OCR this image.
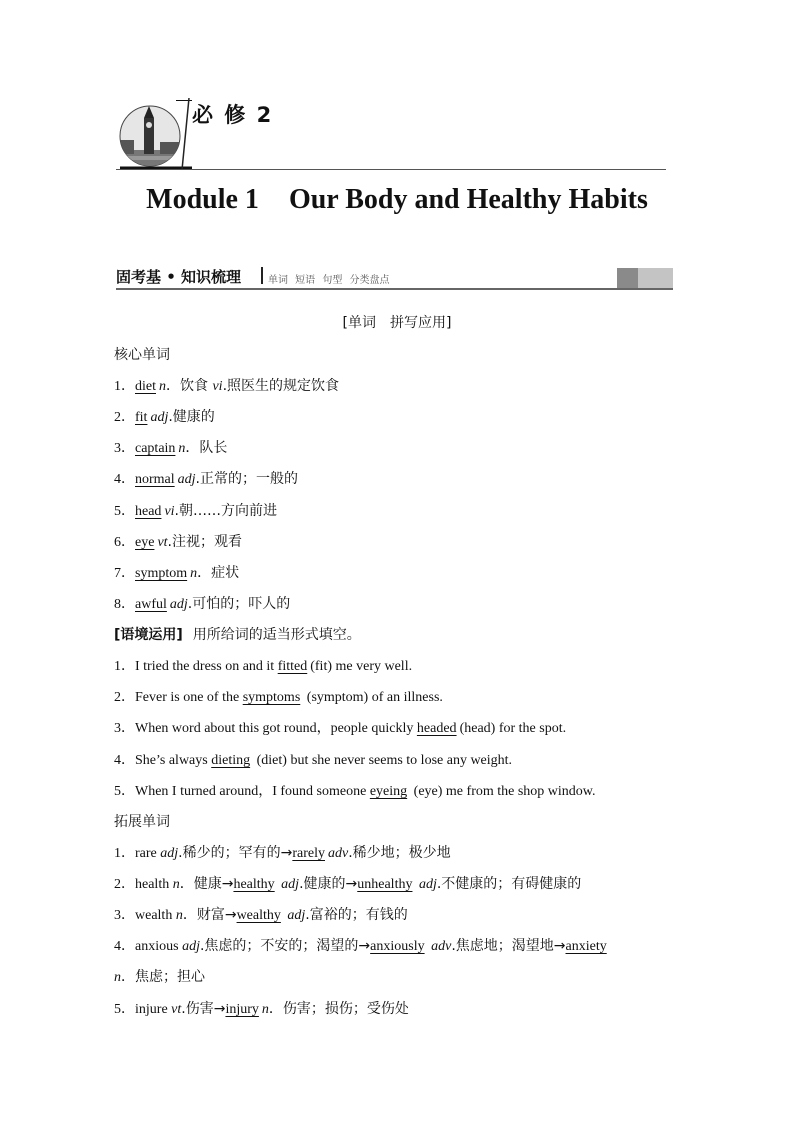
必 修 2
Module 1 Our Body and Healthy Habits
固考基 • 知识梳理	单词 短语 句型 分类盘点
[单词　拼写应用]
核心单词
1．diet n．饮食 vi.照医生的规定饮食
2．fit adj.健康的
3．captain n．队长
4．normal adj.正常的；一般的
5．head vi.朝……方向前进
6．eye vt.注视；观看
7．symptom n．症状
8．awful adj.可怕的；吓人的
[语境运用] 用所给词的适当形式填空。
1．I tried the dress on and it fitted (fit) me very well.
2．Fever is one of the symptoms (symptom) of an illness.
3．When word about this got round，people quickly headed (head) for the spot.
4．She’s always dieting (diet) but she never seems to lose any weight.
5．When I turned around，I found someone eyeing (eye) me from the shop window.
拓展单词
1．rare adj.稀少的；罕有的→rarely adv.稀少地；极少地
2．health n．健康→healthy adj.健康的→unhealthy adj.不健康的；有碍健康的
3．wealth n．财富→wealthy adj.富裕的；有钱的
4．anxious adj.焦虑的；不安的；渴望的→anxiously adv.焦虑地；渴望地→anxiety
n．焦虑；担心
5．injure vt.伤害→injury n．伤害；损伤；受伤处
